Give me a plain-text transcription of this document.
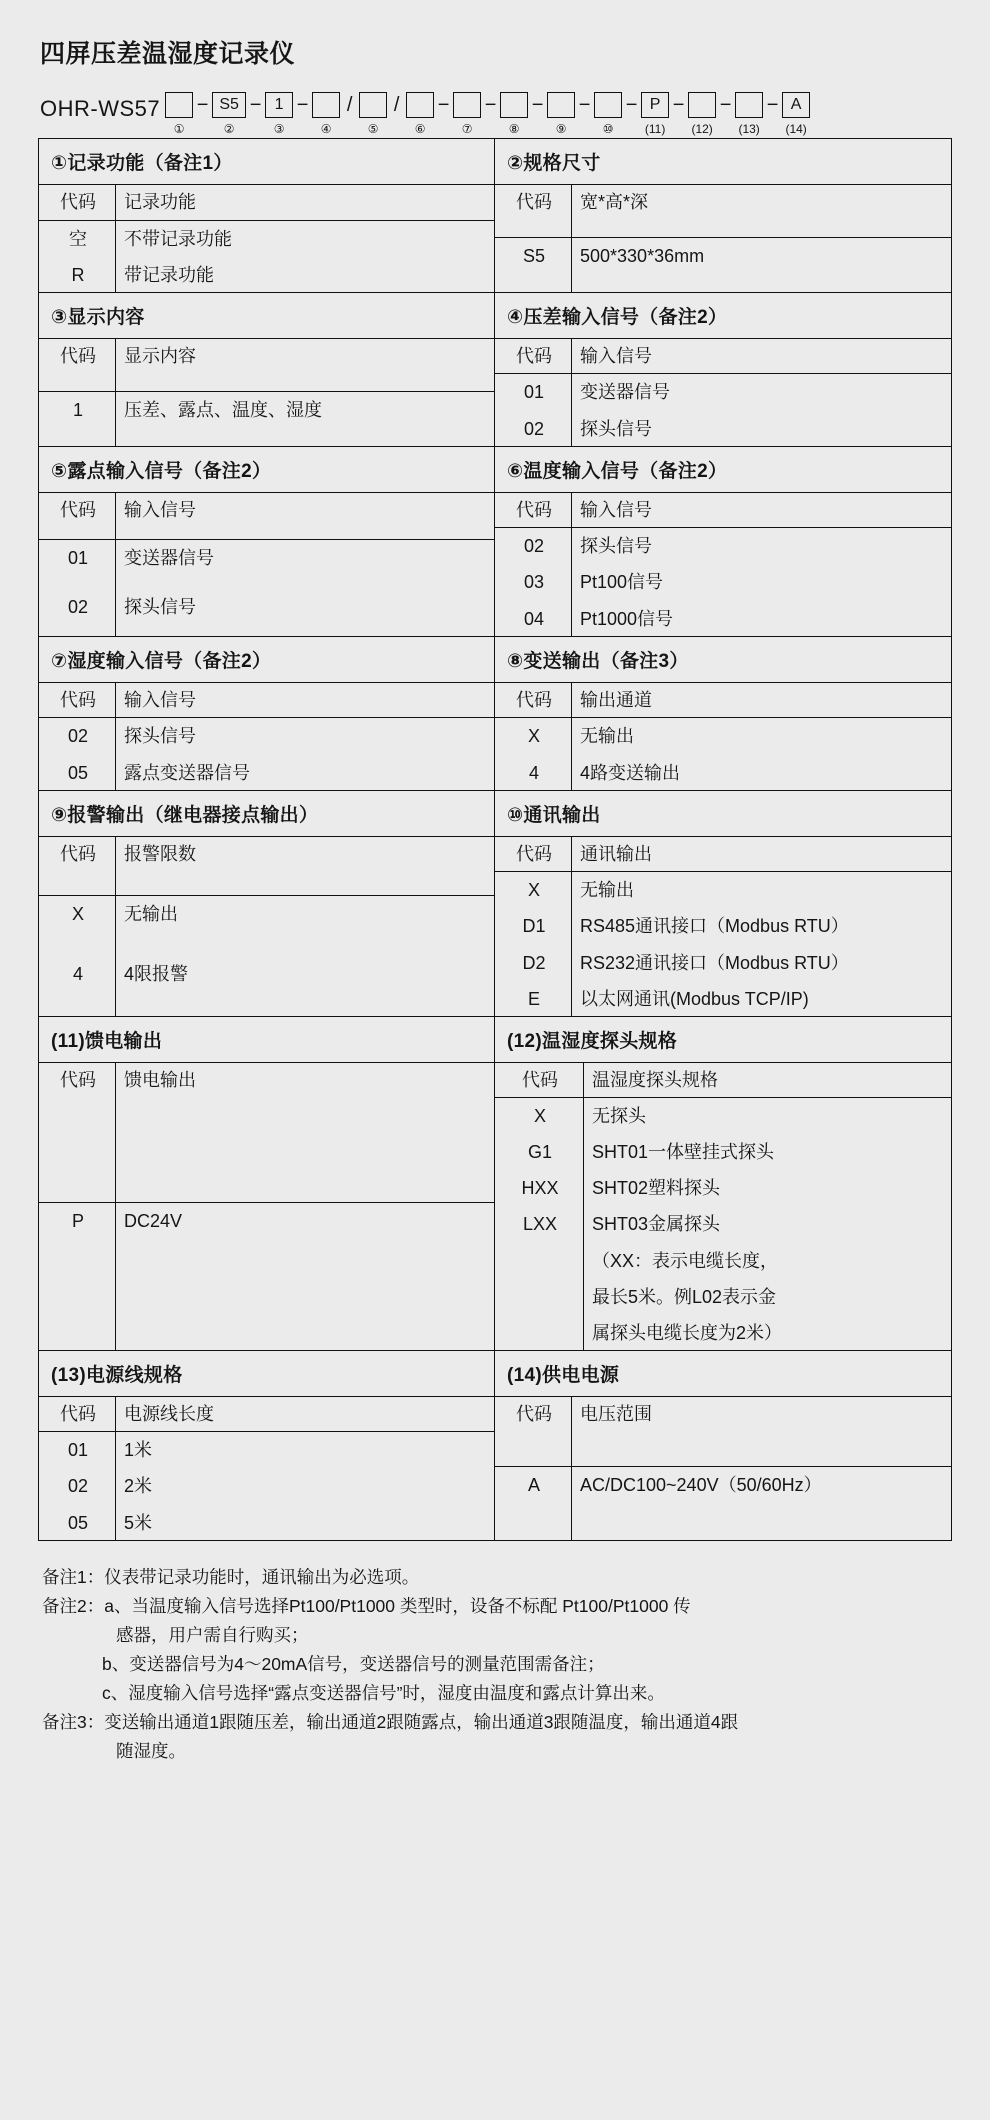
四屏压差温湿度记录仪
OHR-WS57
①
− S5
②
− 1
③
−
④
/
⑤
/
⑥
−
⑦
−
⑧
−
⑨
−
⑩
− P
(11)
−
(12)
−
(13)
− A
(14)
①记录功能（备注1）
代码	记录功能
空	不带记录功能
R	带记录功能
②规格尺寸
代码	宽*高*深
S5	500*330*36mm
③显示内容
代码	显示内容
1	压差、露点、温度、湿度
④压差输入信号（备注2）
代码	输入信号
01	变送器信号
02	探头信号
⑤露点输入信号（备注2）
代码	输入信号
01	变送器信号
02	探头信号
⑥温度输入信号（备注2）
代码	输入信号
02	探头信号
03	Pt100信号
04	Pt1000信号
⑦湿度输入信号（备注2）
代码	输入信号
02	探头信号
05	露点变送器信号
⑧变送输出（备注3）
代码	输出通道
X	无输出
4	4路变送输出
⑨报警输出（继电器接点输出）
代码	报警限数
X	无输出
4	4限报警
⑩通讯输出
代码	通讯输出
X	无输出
D1	RS485通讯接口（Modbus RTU）
D2	RS232通讯接口（Modbus RTU）
E	以太网通讯(Modbus TCP/IP)
(11)馈电输出
代码	馈电输出
P	DC24V
(12)温湿度探头规格
代码	温湿度探头规格
X	无探头
G1	SHT01一体壁挂式探头
HXX	SHT02塑料探头
LXX	SHT03金属探头
	（XX：表示电缆长度，
	最长5米。例L02表示金
	属探头电缆长度为2米）
(13)电源线规格
代码	电源线长度
01	1米
02	2米
05	5米
(14)供电电源
代码	电压范围
A	AC/DC100~240V（50/60Hz）
备注1：仪表带记录功能时，通讯输出为必选项。
备注2：a、当温度输入信号选择Pt100/Pt1000 类型时，设备不标配 Pt100/Pt1000 传
感器，用户需自行购买；
b、变送器信号为4～20mA信号，变送器信号的测量范围需备注；
c、湿度输入信号选择“露点变送器信号”时，湿度由温度和露点计算出来。
备注3：变送输出通道1跟随压差，输出通道2跟随露点，输出通道3跟随温度，输出通道4跟
随湿度。
